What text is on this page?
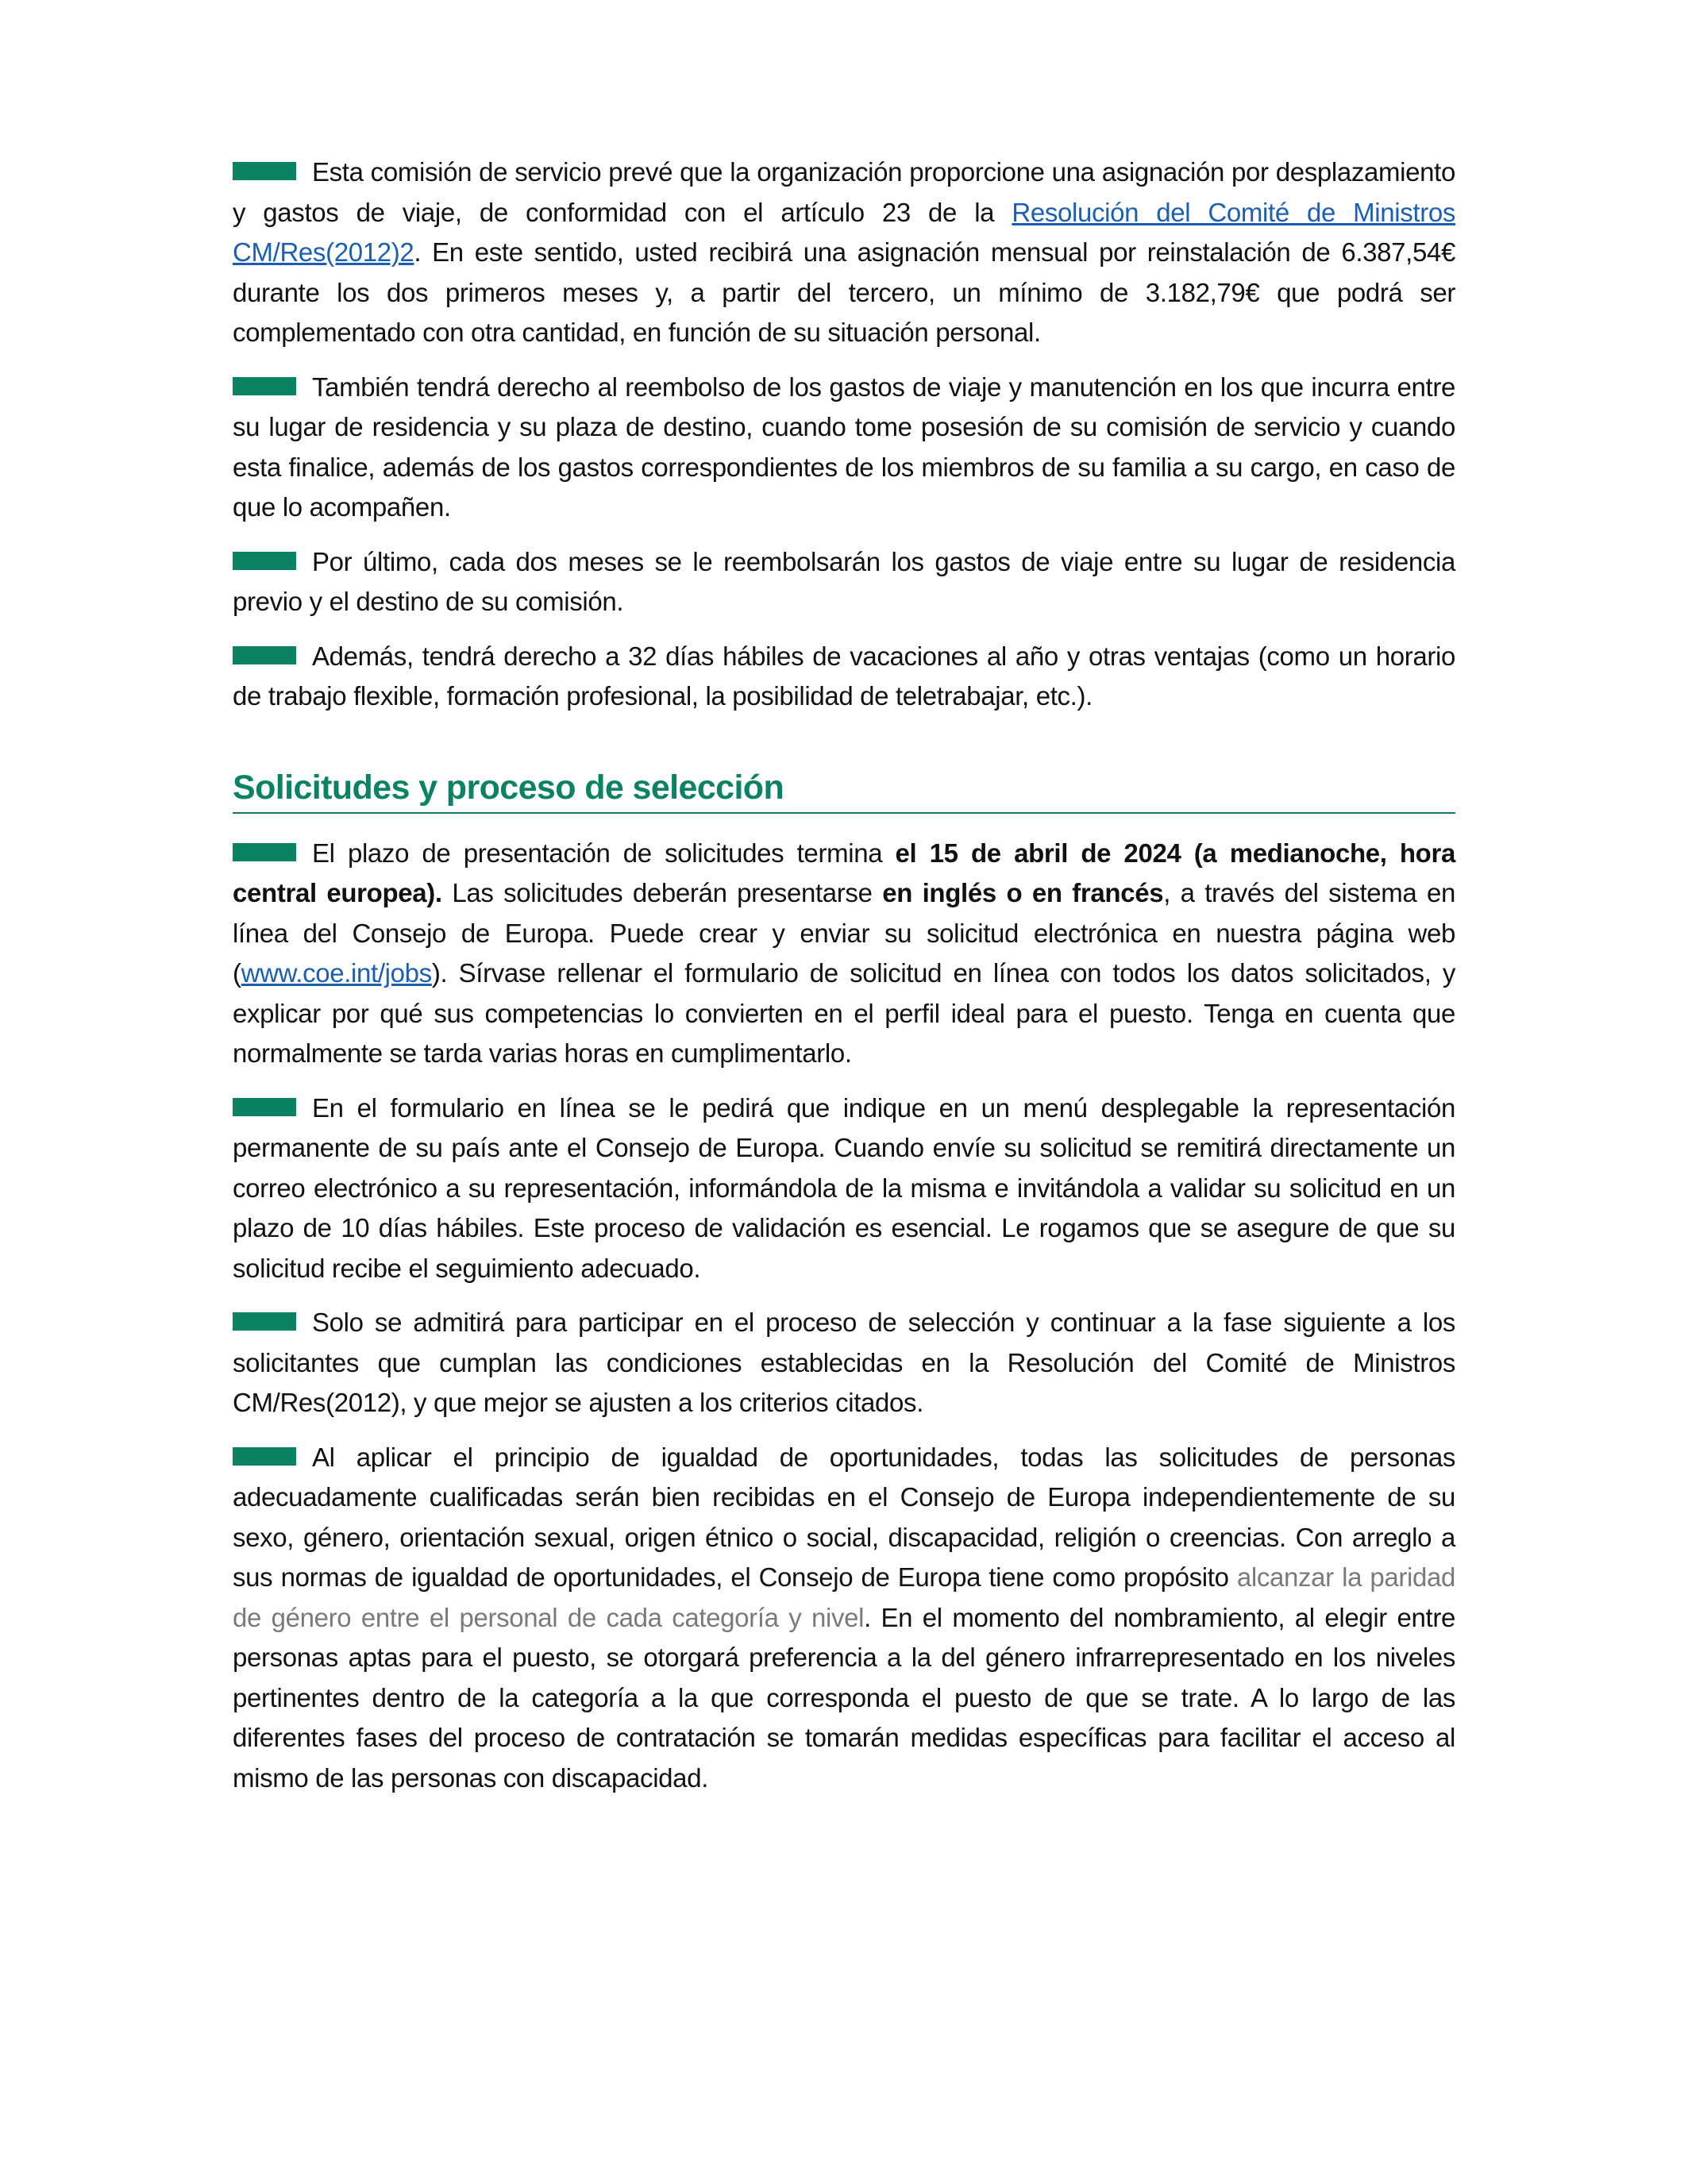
Esta comisión de servicio prevé que la organización proporcione una asignación por desplazamiento y gastos de viaje, de conformidad con el artículo 23 de la Resolución del Comité de Ministros CM/Res(2012)2. En este sentido, usted recibirá una asignación mensual por reinstalación de 6.387,54€ durante los dos primeros meses y, a partir del tercero, un mínimo de 3.182,79€ que podrá ser complementado con otra cantidad, en función de su situación personal.

También tendrá derecho al reembolso de los gastos de viaje y manutención en los que incurra entre su lugar de residencia y su plaza de destino, cuando tome posesión de su comisión de servicio y cuando esta finalice, además de los gastos correspondientes de los miembros de su familia a su cargo, en caso de que lo acompañen.

Por último, cada dos meses se le reembolsarán los gastos de viaje entre su lugar de residencia previo y el destino de su comisión.

Además, tendrá derecho a 32 días hábiles de vacaciones al año y otras ventajas (como un horario de trabajo flexible, formación profesional, la posibilidad de teletrabajar, etc.).

Solicitudes y proceso de selección

El plazo de presentación de solicitudes termina el 15 de abril de 2024 (a medianoche, hora central europea). Las solicitudes deberán presentarse en inglés o en francés, a través del sistema en línea del Consejo de Europa. Puede crear y enviar su solicitud electrónica en nuestra página web (www.coe.int/jobs). Sírvase rellenar el formulario de solicitud en línea con todos los datos solicitados, y explicar por qué sus competencias lo convierten en el perfil ideal para el puesto. Tenga en cuenta que normalmente se tarda varias horas en cumplimentarlo.

En el formulario en línea se le pedirá que indique en un menú desplegable la representación permanente de su país ante el Consejo de Europa. Cuando envíe su solicitud se remitirá directamente un correo electrónico a su representación, informándola de la misma e invitándola a validar su solicitud en un plazo de 10 días hábiles. Este proceso de validación es esencial. Le rogamos que se asegure de que su solicitud recibe el seguimiento adecuado.

Solo se admitirá para participar en el proceso de selección y continuar a la fase siguiente a los solicitantes que cumplan las condiciones establecidas en la Resolución del Comité de Ministros CM/Res(2012), y que mejor se ajusten a los criterios citados.

Al aplicar el principio de igualdad de oportunidades, todas las solicitudes de personas adecuadamente cualificadas serán bien recibidas en el Consejo de Europa independientemente de su sexo, género, orientación sexual, origen étnico o social, discapacidad, religión o creencias. Con arreglo a sus normas de igualdad de oportunidades, el Consejo de Europa tiene como propósito alcanzar la paridad de género entre el personal de cada categoría y nivel. En el momento del nombramiento, al elegir entre personas aptas para el puesto, se otorgará preferencia a la del género infrarrepresentado en los niveles pertinentes dentro de la categoría a la que corresponda el puesto de que se trate. A lo largo de las diferentes fases del proceso de contratación se tomarán medidas específicas para facilitar el acceso al mismo de las personas con discapacidad.
